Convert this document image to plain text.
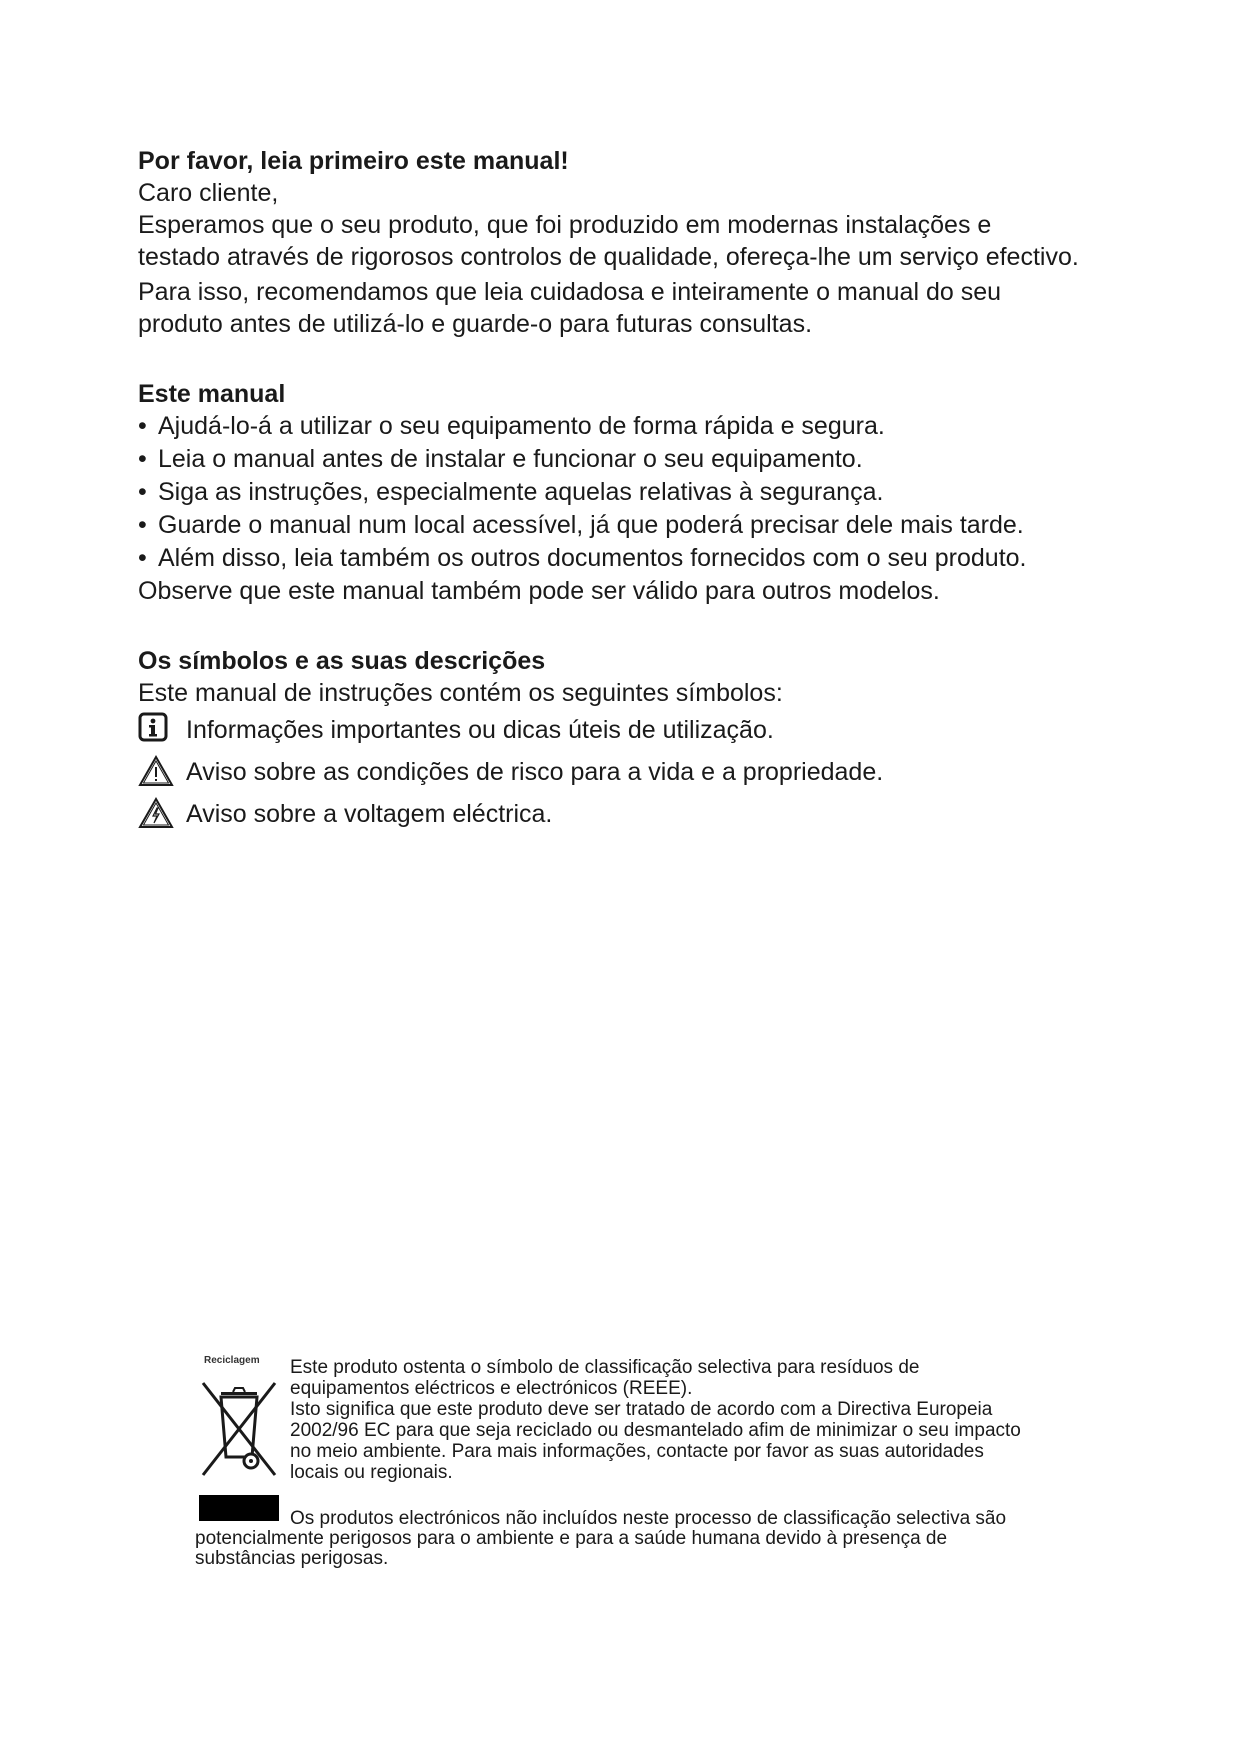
Por favor, leia primeiro este manual!
Caro cliente,
Esperamos que o seu produto, que foi produzido em modernas instalações e
testado através de rigorosos controlos de qualidade, ofereça-lhe um serviço efectivo.
Para isso, recomendamos que leia cuidadosa e inteiramente o manual do seu
produto antes de utilizá-lo e guarde-o para futuras consultas.
Este manual
• Ajudá-lo-á a utilizar o seu equipamento de forma rápida e segura.
• Leia o manual antes de instalar e funcionar o seu equipamento.
• Siga as instruções, especialmente aquelas relativas à segurança.
• Guarde o manual num local acessível, já que poderá precisar dele mais tarde.
• Além disso, leia também os outros documentos fornecidos com o seu produto.
Observe que este manual também pode ser válido para outros modelos.
Os símbolos e as suas descrições
Este manual de instruções contém os seguintes símbolos:
Informações importantes ou dicas úteis de utilização.
Aviso sobre as condições de risco para a vida e a propriedade.
Aviso sobre a voltagem eléctrica.
Reciclagem Este produto ostenta o símbolo de classificação selectiva para resíduos de

equipamentos eléctricos e electrónicos (REEE).

Isto significa que este produto deve ser tratado de acordo com a Directiva Europeia

2002/96 EC para que seja reciclado ou desmantelado afim de minimizar o seu impacto

no meio ambiente. Para mais informações, contacte por favor as suas autoridades

locais ou regionais.

Os produtos electrónicos não incluídos neste processo de classificação selectiva são

potencialmente perigosos para o ambiente e para a saúde humana devido à presença de

substâncias perigosas.
